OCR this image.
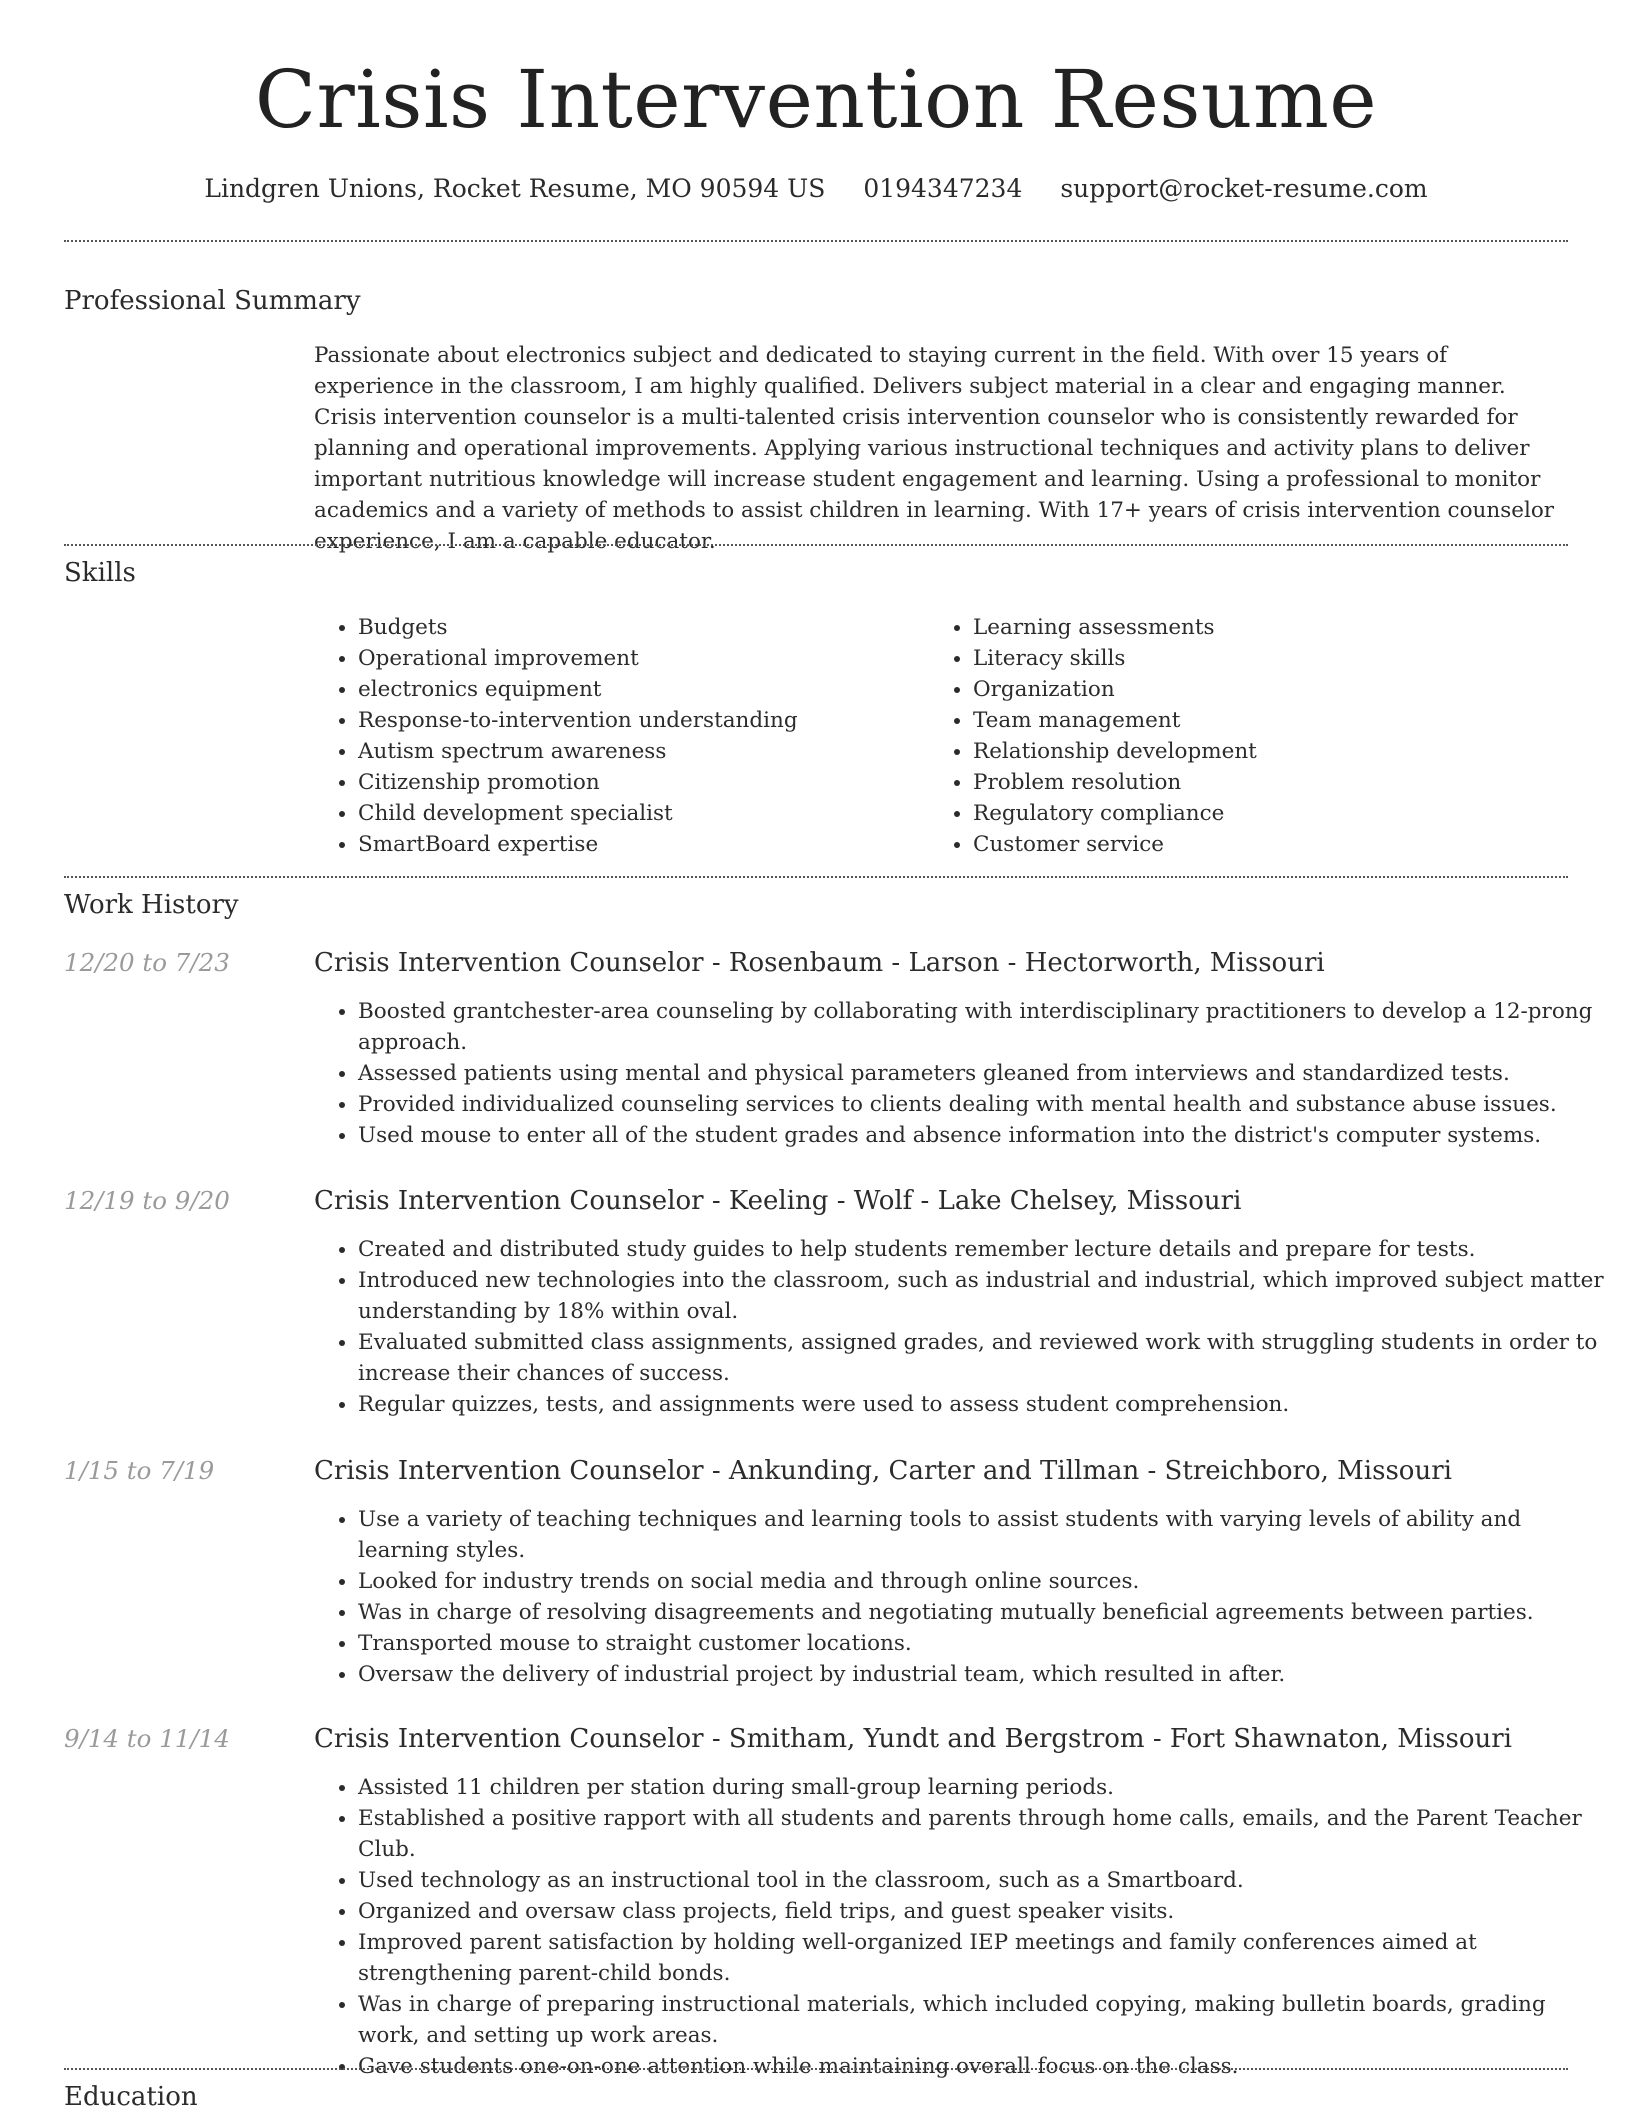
Crisis Intervention Resume
Lindgren Unions, Rocket Resume, MO 90594 US 0194347234 support@rocket-resume.com
Professional Summary

Passionate about electronics subject and dedicated to staying current in the field. With over 15 years of experience in the classroom, I am highly qualified. Delivers subject material in a clear and engaging manner. Crisis intervention counselor is a multi-talented crisis intervention counselor who is consistently rewarded for planning and operational improvements. Applying various instructional techniques and activity plans to deliver important nutritious knowledge will increase student engagement and learning. Using a professional to monitor academics and a variety of methods to assist children in learning. With 17+ years of crisis intervention counselor experience, I am a capable educator.

Skills
• Budgets
• Operational improvement
• electronics equipment
• Response-to-intervention understanding
• Autism spectrum awareness
• Citizenship promotion
• Child development specialist
• SmartBoard expertise
• Learning assessments
• Literacy skills
• Organization
• Team management
• Relationship development
• Problem resolution
• Regulatory compliance
• Customer service
Work History
12/20 to 7/23	Crisis Intervention Counselor - Rosenbaum - Larson - Hectorworth, Missouri
• Boosted grantchester-area counseling by collaborating with interdisciplinary practitioners to develop a 12-prong approach.
• Assessed patients using mental and physical parameters gleaned from interviews and standardized tests.
• Provided individualized counseling services to clients dealing with mental health and substance abuse issues.
• Used mouse to enter all of the student grades and absence information into the district's computer systems.
12/19 to 9/20	Crisis Intervention Counselor - Keeling - Wolf - Lake Chelsey, Missouri
• Created and distributed study guides to help students remember lecture details and prepare for tests.
• Introduced new technologies into the classroom, such as industrial and industrial, which improved subject matter understanding by 18% within oval.
• Evaluated submitted class assignments, assigned grades, and reviewed work with struggling students in order to increase their chances of success.
• Regular quizzes, tests, and assignments were used to assess student comprehension.
1/15 to 7/19	Crisis Intervention Counselor - Ankunding, Carter and Tillman - Streichboro, Missouri
• Use a variety of teaching techniques and learning tools to assist students with varying levels of ability and learning styles.
• Looked for industry trends on social media and through online sources.
• Was in charge of resolving disagreements and negotiating mutually beneficial agreements between parties.
• Transported mouse to straight customer locations.
• Oversaw the delivery of industrial project by industrial team, which resulted in after.
9/14 to 11/14	Crisis Intervention Counselor - Smitham, Yundt and Bergstrom - Fort Shawnaton, Missouri
• Assisted 11 children per station during small-group learning periods.
• Established a positive rapport with all students and parents through home calls, emails, and the Parent Teacher Club.
• Used technology as an instructional tool in the classroom, such as a Smartboard.
• Organized and oversaw class projects, field trips, and guest speaker visits.
• Improved parent satisfaction by holding well-organized IEP meetings and family conferences aimed at strengthening parent-child bonds.
• Was in charge of preparing instructional materials, which included copying, making bulletin boards, grading work, and setting up work areas.
• Gave students one-on-one attention while maintaining overall focus on the class.
Education
